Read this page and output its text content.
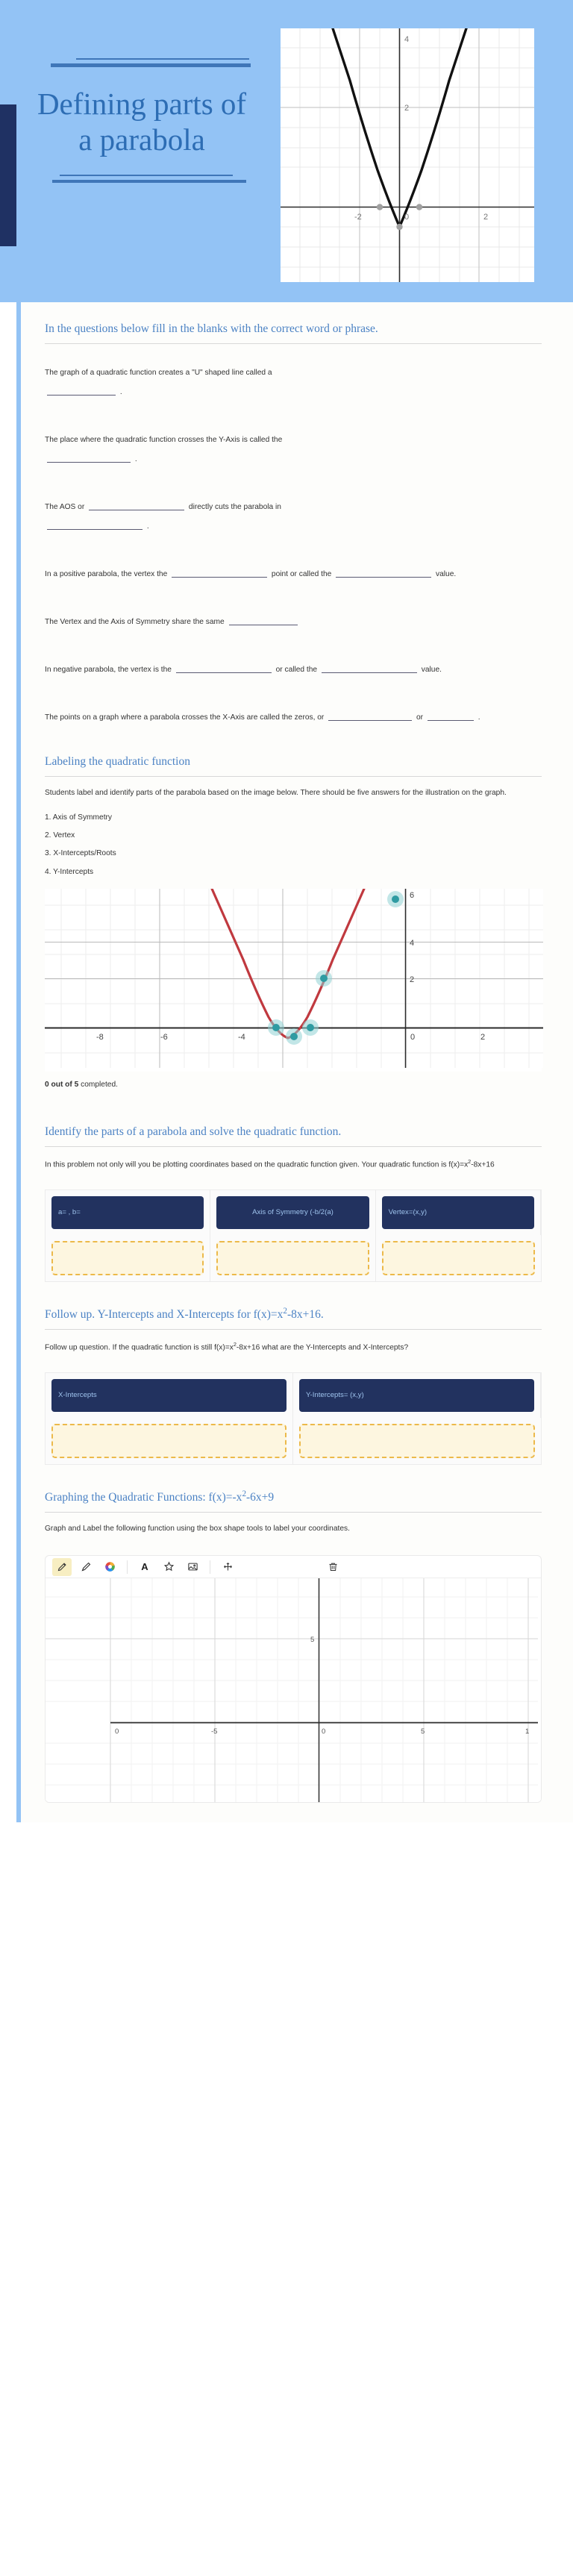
Defining parts of a parabola
-2	0	2
2
4
In the questions below fill in the blanks with the correct word or phrase.
The graph of a quadratic function creates a "U" shaped line called a
.
The place where the quadratic function crosses the Y-Axis is called the
.
The AOS or	directly cuts the parabola in
.
In a positive parabola, the vertex the	point or called the	value.
The Vertex and the Axis of Symmetry share the same
In negative parabola, the vertex is the	or called the	value.
The points on a graph where a parabola crosses the X-Axis are called the zeros, or	or	.
Labeling the quadratic function
Students label and identify parts of the parabola based on the image below. There should be five answers for the illustration on the graph.
1. Axis of Symmetry
2. Vertex
3. X-Intercepts/Roots
4. Y-Intercepts
-8	-6	-4	0	2
2
4
6
0 out of 5 completed.
Identify the parts of a parabola and solve the quadratic function.
In this problem not only will you be plotting coordinates based on the quadratic function given. Your quadratic function is $f(x)=x^2-8x+16$
a= , b=	Axis of Symmetry (-b/2(a)	Vertex=(x,y)
Follow up. Y-Intercepts and X-Intercepts for $f(x)=x^2-8x+16$.
Follow up question. If the quadratic function is still $f(x)=x^2-8x+16$ what are the Y-Intercepts and X-Intercepts?
X-Intercepts	Y-Intercepts= (x,y)
Graphing the Quadratic Functions: $f(x)=-x^2-6x+9$
Graph and Label the following function using the box shape tools to label your coordinates.
A
0	-5	0	5	1
5
